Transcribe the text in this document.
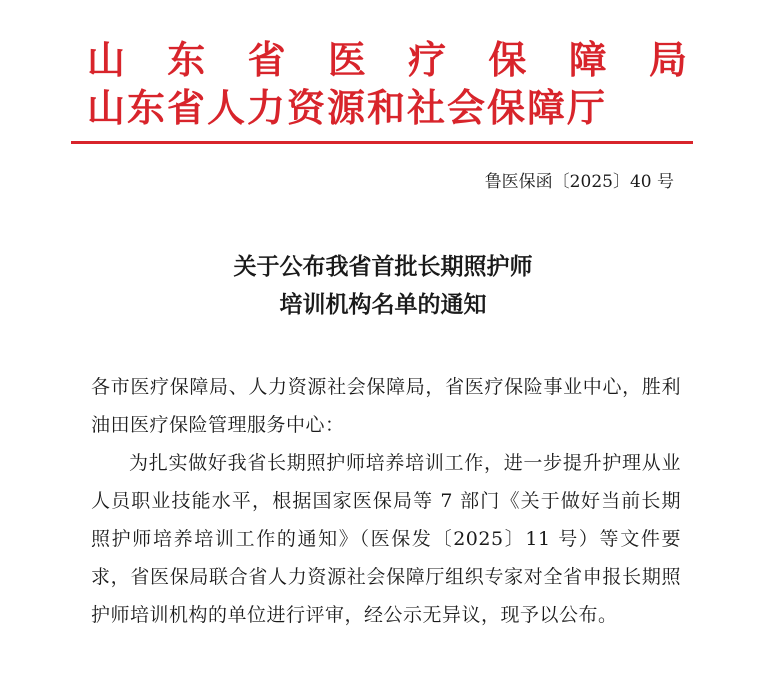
山 东 省 医 疗 保 障 局
山东省人力资源和社会保障厅
鲁医保函〔2025〕40 号
关于公布我省首批长期照护师
培训机构名单的通知

各市医疗保障局、人力资源社会保障局，省医疗保险事业中心，胜利油田医疗保险管理服务中心：

为扎实做好我省长期照护师培养培训工作，进一步提升护理从业人员职业技能水平，根据国家医保局等 7 部门《关于做好当前长期照护师培养培训工作的通知》（医保发〔2025〕11 号）等文件要求，省医保局联合省人力资源社会保障厅组织专家对全省申报长期照护师培训机构的单位进行评审，经公示无异议，现予以公布。
